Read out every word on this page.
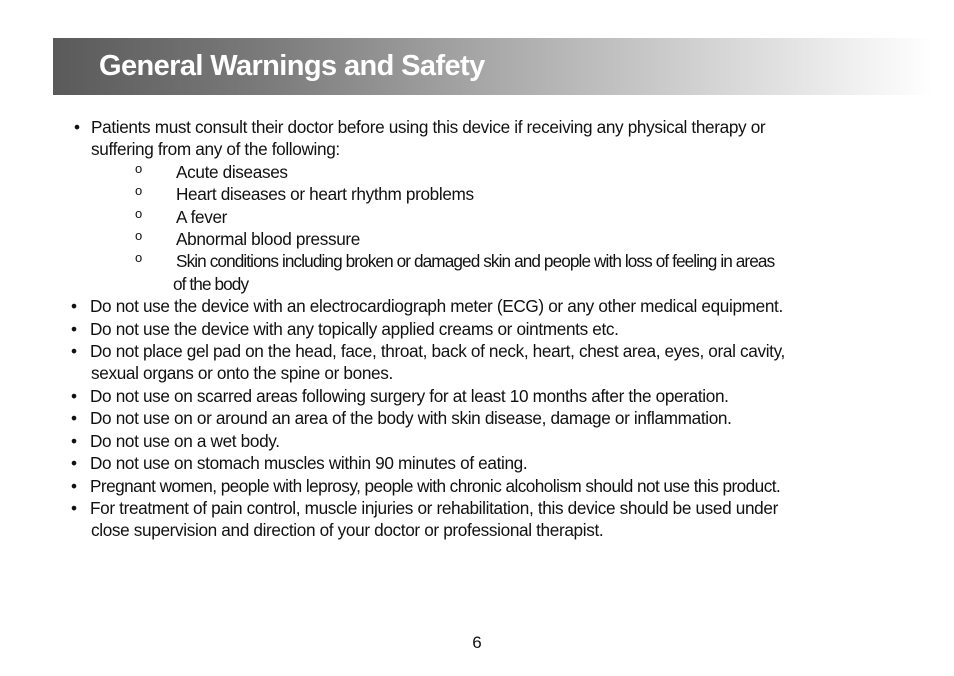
General Warnings and Safety
• Patients must consult their doctor before using this device if receiving any physical therapy or
suffering from any of the following:
o Acute diseases
o Heart diseases or heart rhythm problems
o A fever
o Abnormal blood pressure
o Skin conditions including broken or damaged skin and people with loss of feeling in areas
of the body
• Do not use the device with an electrocardiograph meter (ECG) or any other medical equipment.
• Do not use the device with any topically applied creams or ointments etc.
• Do not place gel pad on the head, face, throat, back of neck, heart, chest area, eyes, oral cavity,
sexual organs or onto the spine or bones.
• Do not use on scarred areas following surgery for at least 10 months after the operation.
• Do not use on or around an area of the body with skin disease, damage or inflammation.
• Do not use on a wet body.
• Do not use on stomach muscles within 90 minutes of eating.
• Pregnant women, people with leprosy, people with chronic alcoholism should not use this product.
• For treatment of pain control, muscle injuries or rehabilitation, this device should be used under
close supervision and direction of your doctor or professional therapist.
6
